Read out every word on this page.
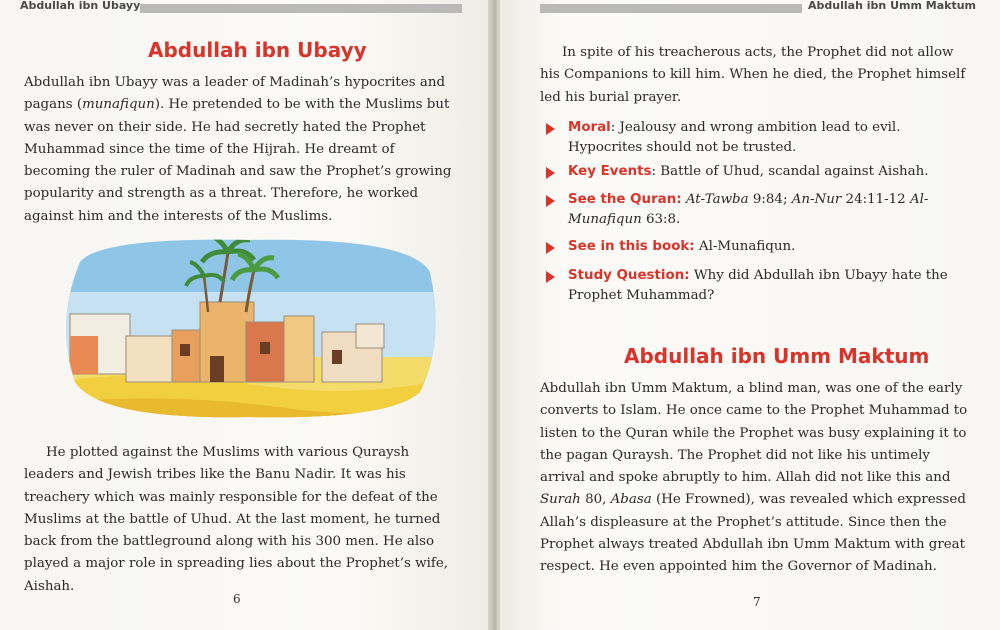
Abdullah ibn Ubayy
Abdullah ibn Ubayy

Abdullah ibn Ubayy was a leader of Madinah’s hypocrites and pagans (munafiqun). He pretended to be with the Muslims but was never on their side. He had secretly hated the Prophet Muhammad since the time of the Hijrah. He dreamt of becoming the ruler of Madinah and saw the Prophet’s growing popularity and strength as a threat. Therefore, he worked against him and the interests of the Muslims.

He plotted against the Muslims with various Quraysh leaders and Jewish tribes like the Banu Nadir. It was his treachery which was mainly responsible for the defeat of the Muslims at the battle of Uhud. At the last moment, he turned back from the battleground along with his 300 men. He also played a major role in spreading lies about the Prophet’s wife, Aishah.

6
Abdullah ibn Umm Maktum

In spite of his treacherous acts, the Prophet did not allow his Companions to kill him. When he died, the Prophet himself led his burial prayer.

Moral: Jealousy and wrong ambition lead to evil. Hypocrites should not be trusted.
Key Events: Battle of Uhud, scandal against Aishah.
See the Quran: At-Tawba 9:84; An-Nur 24:11-12 Al-Munafiqun 63:8.
See in this book: Al-Munafiqun.
Study Question: Why did Abdullah ibn Ubayy hate the Prophet Muhammad?
Abdullah ibn Umm Maktum

Abdullah ibn Umm Maktum, a blind man, was one of the early converts to Islam. He once came to the Prophet Muhammad to listen to the Quran while the Prophet was busy explaining it to the pagan Quraysh. The Prophet did not like his untimely arrival and spoke abruptly to him. Allah did not like this and Surah 80, Abasa (He Frowned), was revealed which expressed Allah’s displeasure at the Prophet’s attitude. Since then the Prophet always treated Abdullah ibn Umm Maktum with great respect. He even appointed him the Governor of Madinah.

7
